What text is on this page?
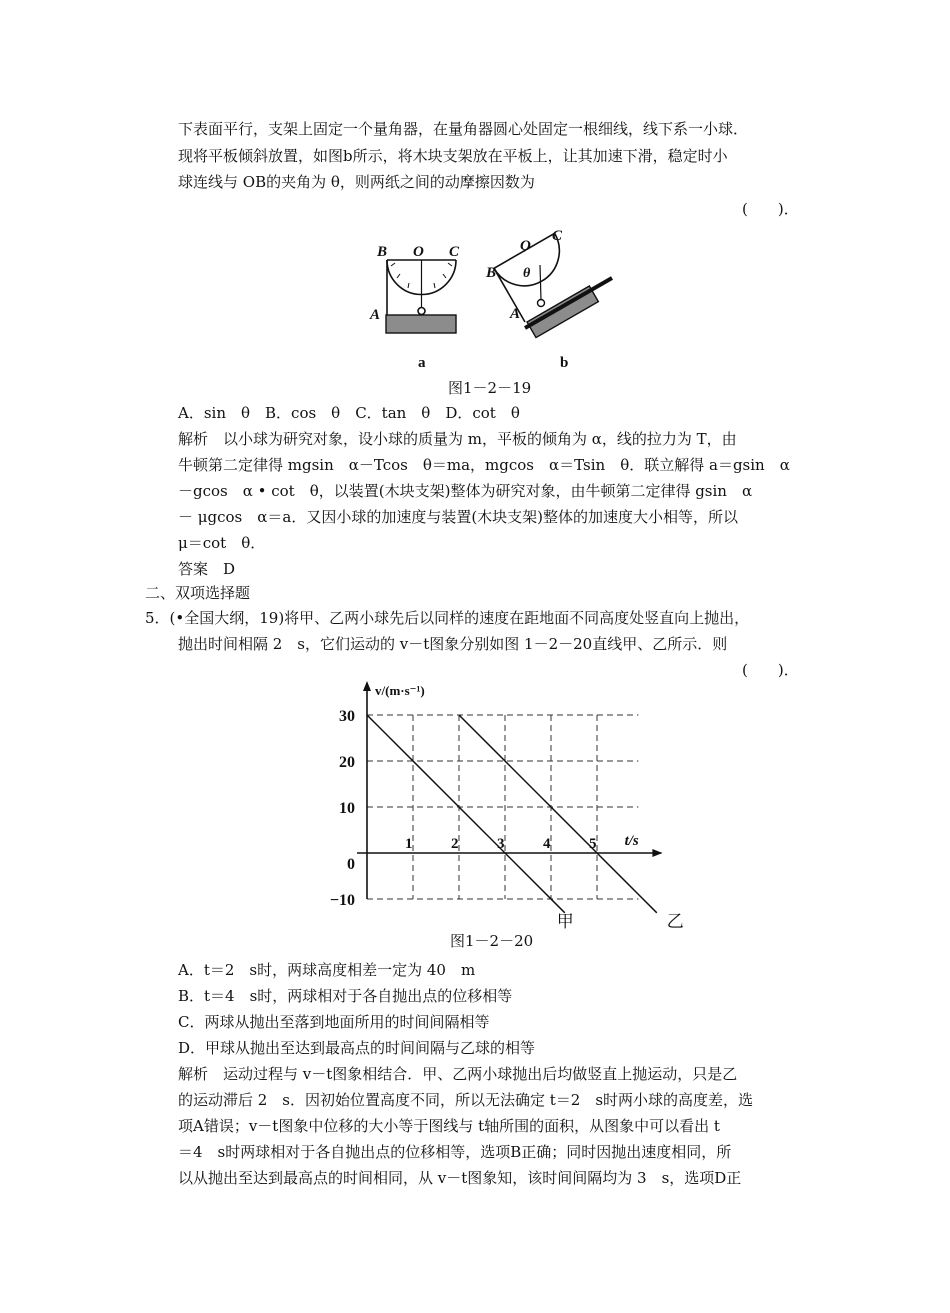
下表面平行，支架上固定一个量角器，在量角器圆心处固定一根细线，线下系一小球．
现将平板倾斜放置，如图b所示，将木块支架放在平板上，让其加速下滑，稳定时小
球连线与 OB的夹角为 θ，则两纸之间的动摩擦因数为
(　　)．
B O C
A
a
O
C
B θ
A
b
图1－2－19
A．sin　θ　B．cos　θ　C．tan　θ　D．cot　θ
解析　以小球为研究对象，设小球的质量为 m，平板的倾角为 α，线的拉力为 T，由
牛顿第二定律得 mgsin　α－Tcos　θ＝ma，mgcos　α＝Tsin　θ．联立解得 a＝gsin　α
－gcos　α • cot　θ，以装置(木块支架)整体为研究对象，由牛顿第二定律得 gsin　α
－ μgcos　α＝a．又因小球的加速度与装置(木块支架)整体的加速度大小相等，所以
μ＝cot　θ．
答案　D
二、双项选择题
5．(•全国大纲，19)将甲、乙两小球先后以同样的速度在距地面不同高度处竖直向上抛出，
抛出时间相隔 2　s，它们运动的 v－t图象分别如图 1－2－20直线甲、乙所示．则
(　　)．
甲	乙
1	2	3	4	5
30
20
10
0
−10
v/(m·s⁻¹)
t/s
图1－2－20
A．t＝2　s时，两球高度相差一定为 40　m
B．t＝4　s时，两球相对于各自抛出点的位移相等
C．两球从抛出至落到地面所用的时间间隔相等
D．甲球从抛出至达到最高点的时间间隔与乙球的相等
解析　运动过程与 v－t图象相结合．甲、乙两小球抛出后均做竖直上抛运动，只是乙
的运动滞后 2　s．因初始位置高度不同，所以无法确定 t＝2　s时两小球的高度差，选
项A错误；v－t图象中位移的大小等于图线与 t轴所围的面积，从图象中可以看出 t
＝4　s时两球相对于各自抛出点的位移相等，选项B正确；同时因抛出速度相同，所
以从抛出至达到最高点的时间相同，从 v－t图象知，该时间间隔均为 3　s，选项D正
